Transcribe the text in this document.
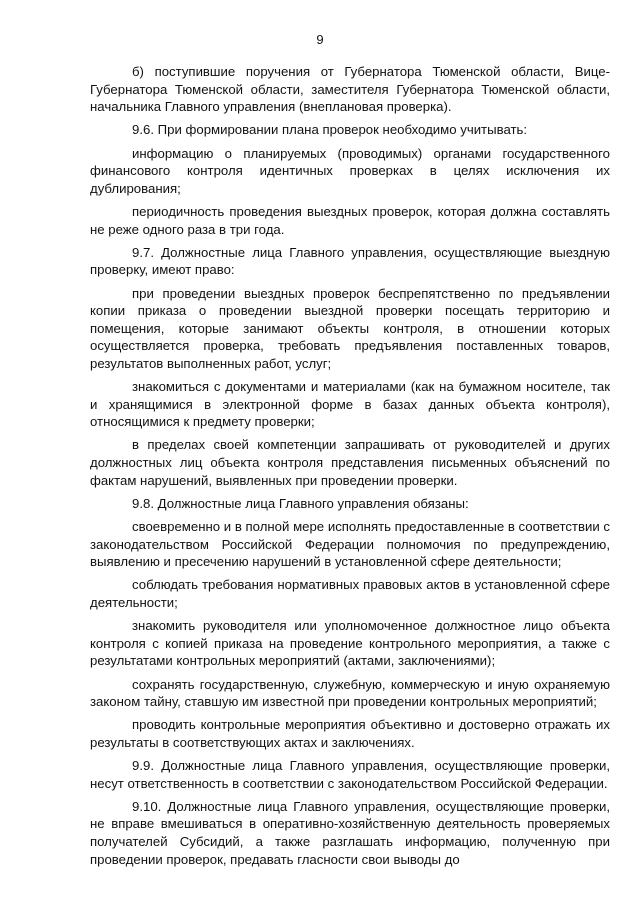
9

б) поступившие поручения от Губернатора Тюменской области, Вице-Губернатора Тюменской области, заместителя Губернатора Тюменской области, начальника Главного управления (внеплановая проверка).

9.6. При формировании плана проверок необходимо учитывать:

информацию о планируемых (проводимых) органами государственного финансового контроля идентичных проверках в целях исключения их дублирования;

периодичность проведения выездных проверок, которая должна составлять не реже одного раза в три года.

9.7. Должностные лица Главного управления, осуществляющие выездную проверку, имеют право:

при проведении выездных проверок беспрепятственно по предъявлении копии приказа о проведении выездной проверки посещать территорию и помещения, которые занимают объекты контроля, в отношении которых осуществляется проверка, требовать предъявления поставленных товаров, результатов выполненных работ, услуг;

знакомиться с документами и материалами (как на бумажном носителе, так и хранящимися в электронной форме в базах данных объекта контроля), относящимися к предмету проверки;

в пределах своей компетенции запрашивать от руководителей и других должностных лиц объекта контроля представления письменных объяснений по фактам нарушений, выявленных при проведении проверки.

9.8. Должностные лица Главного управления обязаны:

своевременно и в полной мере исполнять предоставленные в соответствии с законодательством Российской Федерации полномочия по предупреждению, выявлению и пресечению нарушений в установленной сфере деятельности;

соблюдать требования нормативных правовых актов в установленной сфере деятельности;

знакомить руководителя или уполномоченное должностное лицо объекта контроля с копией приказа на проведение контрольного мероприятия, а также с результатами контрольных мероприятий (актами, заключениями);

сохранять государственную, служебную, коммерческую и иную охраняемую законом тайну, ставшую им известной при проведении контрольных мероприятий;

проводить контрольные мероприятия объективно и достоверно отражать их результаты в соответствующих актах и заключениях.

9.9. Должностные лица Главного управления, осуществляющие проверки, несут ответственность в соответствии с законодательством Российской Федерации.

9.10. Должностные лица Главного управления, осуществляющие проверки, не вправе вмешиваться в оперативно-хозяйственную деятельность проверяемых получателей Субсидий, а также разглашать информацию, полученную при проведении проверок, предавать гласности свои выводы до
